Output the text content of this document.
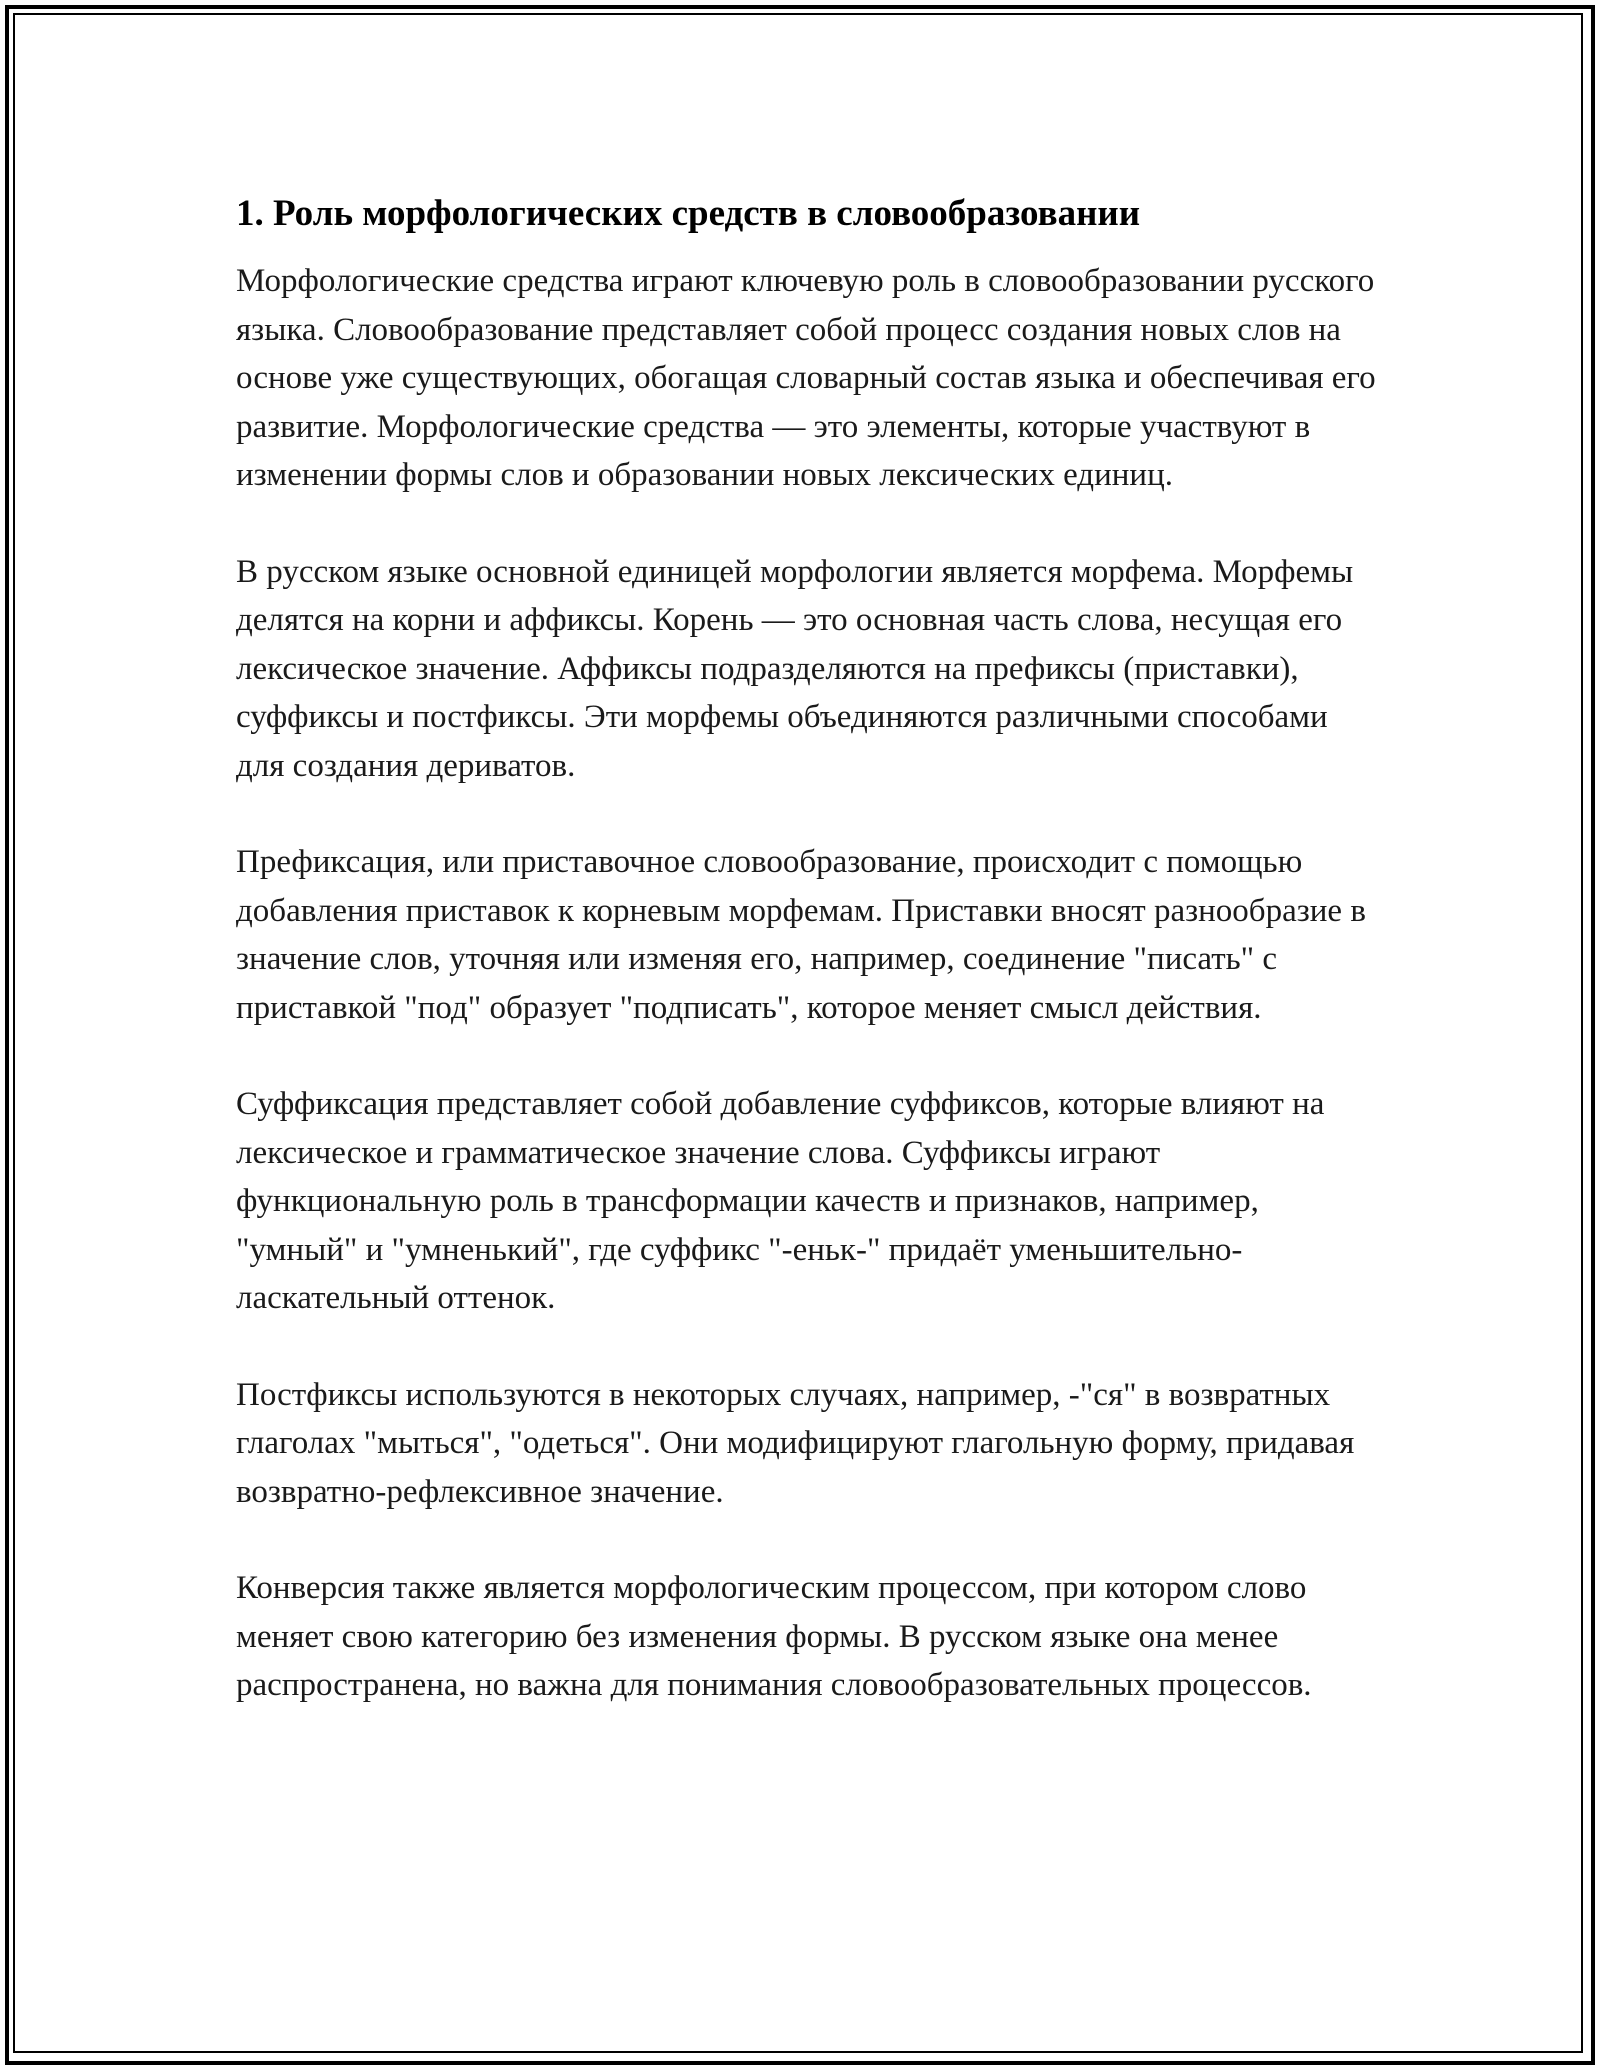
1. Роль морфологических средств в словообразовании

Морфологические средства играют ключевую роль в словообразовании русского языка. Словообразование представляет собой процесс создания новых слов на основе уже существующих, обогащая словарный состав языка и обеспечивая его развитие. Морфологические средства — это элементы, которые участвуют в изменении формы слов и образовании новых лексических единиц.

В русском языке основной единицей морфологии является морфема. Морфемы делятся на корни и аффиксы. Корень — это основная часть слова, несущая его лексическое значение. Аффиксы подразделяются на префиксы (приставки), суффиксы и постфиксы. Эти морфемы объединяются различными способами для создания дериватов.

Префиксация, или приставочное словообразование, происходит с помощью добавления приставок к корневым морфемам. Приставки вносят разнообразие в значение слов, уточняя или изменяя его, например, соединение "писать" с приставкой "под" образует "подписать", которое меняет смысл действия.

Суффиксация представляет собой добавление суффиксов, которые влияют на лексическое и грамматическое значение слова. Суффиксы играют функциональную роль в трансформации качеств и признаков, например, "умный" и "умненький", где суффикс "-еньк-" придаёт уменьшительно-ласкательный оттенок.

Постфиксы используются в некоторых случаях, например, -"ся" в возвратных глаголах "мыться", "одеться". Они модифицируют глагольную форму, придавая возвратно-рефлексивное значение.

Конверсия также является морфологическим процессом, при котором слово меняет свою категорию без изменения формы. В русском языке она менее распространена, но важна для понимания словообразовательных процессов.
